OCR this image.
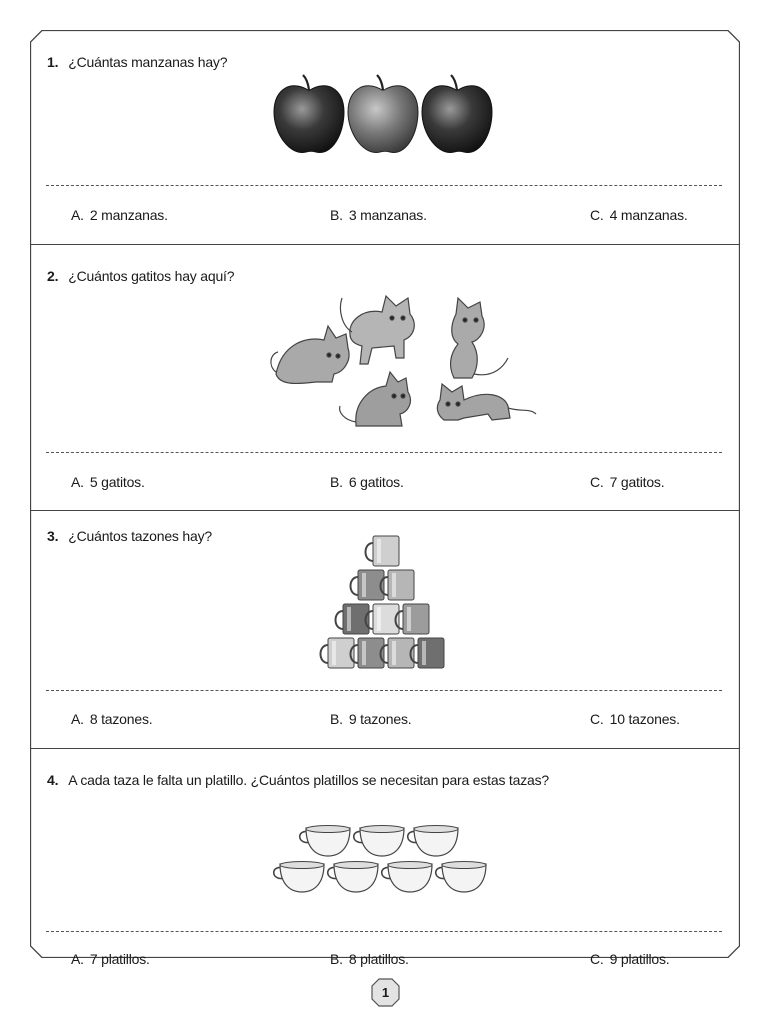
1. ¿Cuántas manzanas hay?
A. 2 manzanas.	B. 3 manzanas.	C. 4 manzanas.
2. ¿Cuántos gatitos hay aquí?
A. 5 gatitos.	B. 6 gatitos.	C. 7 gatitos.
3. ¿Cuántos tazones hay?
A. 8 tazones.	B. 9 tazones.	C. 10 tazones.
4. A cada taza le falta un platillo. ¿Cuántos platillos se necesitan para estas tazas?
A. 7 platillos.	B. 8 platillos.	C. 9 platillos.
1
